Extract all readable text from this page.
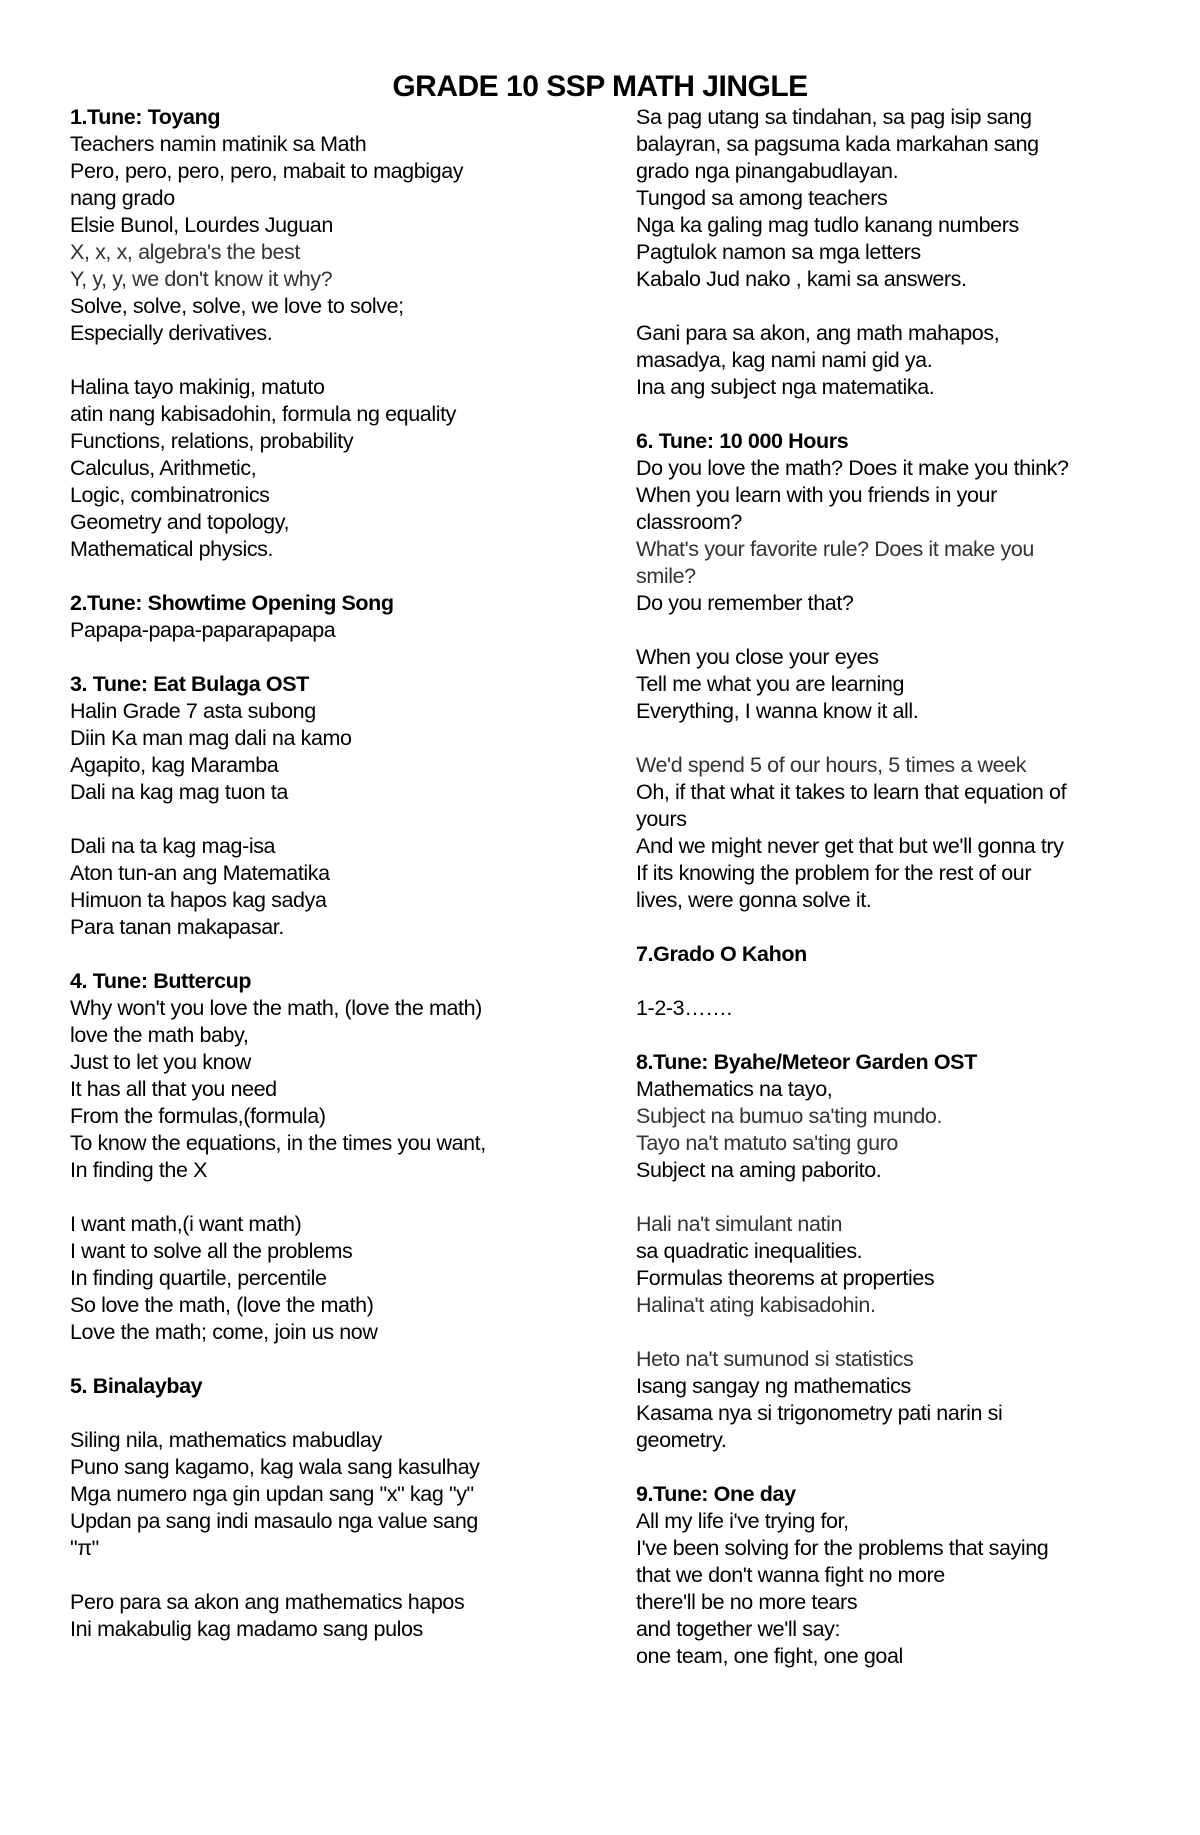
GRADE 10 SSP MATH JINGLE
1.Tune: Toyang
Teachers namin matinik sa Math
Pero, pero, pero, pero, mabait to magbigay
nang grado
Elsie Bunol, Lourdes Juguan
X, x, x, algebra's the best
Y, y, y, we don't know it why?
Solve, solve, solve, we love to solve;
Especially derivatives.
Halina tayo makinig, matuto
atin nang kabisadohin, formula ng equality
Functions, relations, probability
Calculus, Arithmetic,
Logic, combinatronics
Geometry and topology,
Mathematical physics.
2.Tune: Showtime Opening Song
Papapa-papa-paparapapapa
3. Tune: Eat Bulaga OST
Halin Grade 7 asta subong
Diin Ka man mag dali na kamo
Agapito, kag Maramba
Dali na kag mag tuon ta
Dali na ta kag mag-isa
Aton tun-an ang Matematika
Himuon ta hapos kag sadya
Para tanan makapasar.
4. Tune: Buttercup
Why won't you love the math, (love the math)
love the math baby,
Just to let you know
It has all that you need
From the formulas,(formula)
To know the equations, in the times you want,
In finding the X
I want math,(i want math)
I want to solve all the problems
In finding quartile, percentile
So love the math, (love the math)
Love the math; come, join us now
5. Binalaybay
Siling nila, mathematics mabudlay
Puno sang kagamo, kag wala sang kasulhay
Mga numero nga gin updan sang "x" kag "y"
Updan pa sang indi masaulo nga value sang
"π"
Pero para sa akon ang mathematics hapos
Ini makabulig kag madamo sang pulos
Sa pag utang sa tindahan, sa pag isip sang
balayran, sa pagsuma kada markahan sang
grado nga pinangabudlayan.
Tungod sa among teachers
Nga ka galing mag tudlo kanang numbers
Pagtulok namon sa mga letters
Kabalo Jud nako , kami sa answers.
Gani para sa akon, ang math mahapos,
masadya, kag nami nami gid ya.
Ina ang subject nga matematika.
6. Tune: 10 000 Hours
Do you love the math? Does it make you think?
When you learn with you friends in your
classroom?
What's your favorite rule? Does it make you
smile?
Do you remember that?
When you close your eyes
Tell me what you are learning
Everything, I wanna know it all.
We'd spend 5 of our hours, 5 times a week
Oh, if that what it takes to learn that equation of
yours
And we might never get that but we'll gonna try
If its knowing the problem for the rest of our
lives, were gonna solve it.
7.Grado O Kahon
1-2-3…….
8.Tune: Byahe/Meteor Garden OST
Mathematics na tayo,
Subject na bumuo sa'ting mundo.
Tayo na't matuto sa'ting guro
Subject na aming paborito.
Hali na't simulant natin
sa quadratic inequalities.
Formulas theorems at properties
Halina't ating kabisadohin.
Heto na't sumunod si statistics
Isang sangay ng mathematics
Kasama nya si trigonometry pati narin si
geometry.
9.Tune: One day
All my life i've trying for,
I've been solving for the problems that saying
that we don't wanna fight no more
there'll be no more tears
and together we'll say:
one team, one fight, one goal
